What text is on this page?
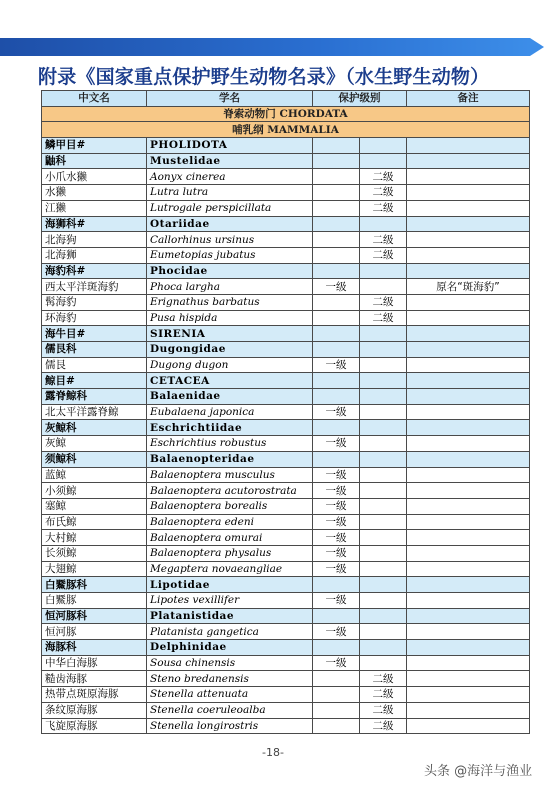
附录《国家重点保护野生动物名录》（水生野生动物）
中文名	学名	保护级别		备注
脊索动物门 CHORDATA				
哺乳纲 MAMMALIA				
鳞甲目#	PHOLIDOTA			
鼬科	Mustelidae			
小爪水獭	Aonyx cinerea		二级	
水獭	Lutra lutra		二级	
江獭	Lutrogale perspicillata		二级	
海狮科#	Otariidae			
北海狗	Callorhinus ursinus		二级	
北海狮	Eumetopias jubatus		二级	
海豹科#	Phocidae			
西太平洋斑海豹	Phoca largha	一级		原名“斑海豹”
髯海豹	Erignathus barbatus		二级	
环海豹	Pusa hispida		二级	
海牛目#	SIRENIA			
儒艮科	Dugongidae			
儒艮	Dugong dugon	一级		
鲸目#	CETACEA			
露脊鲸科	Balaenidae			
北太平洋露脊鲸	Eubalaena japonica	一级		
灰鲸科	Eschrichtiidae			
灰鲸	Eschrichtius robustus	一级		
须鲸科	Balaenopteridae			
蓝鲸	Balaenoptera musculus	一级		
小须鲸	Balaenoptera acutorostrata	一级		
塞鲸	Balaenoptera borealis	一级		
布氏鲸	Balaenoptera edeni	一级		
大村鲸	Balaenoptera omurai	一级		
长须鲸	Balaenoptera physalus	一级		
大翅鲸	Megaptera novaeangliae	一级		
白鱀豚科	Lipotidae			
白鱀豚	Lipotes vexillifer	一级		
恒河豚科	Platanistidae			
恒河豚	Platanista gangetica	一级		
海豚科	Delphinidae			
中华白海豚	Sousa chinensis	一级		
糙齿海豚	Steno bredanensis		二级	
热带点斑原海豚	Stenella attenuata		二级	
条纹原海豚	Stenella coeruleoalba		二级	
飞旋原海豚	Stenella longirostris		二级	
-18-
头条 @海洋与渔业
